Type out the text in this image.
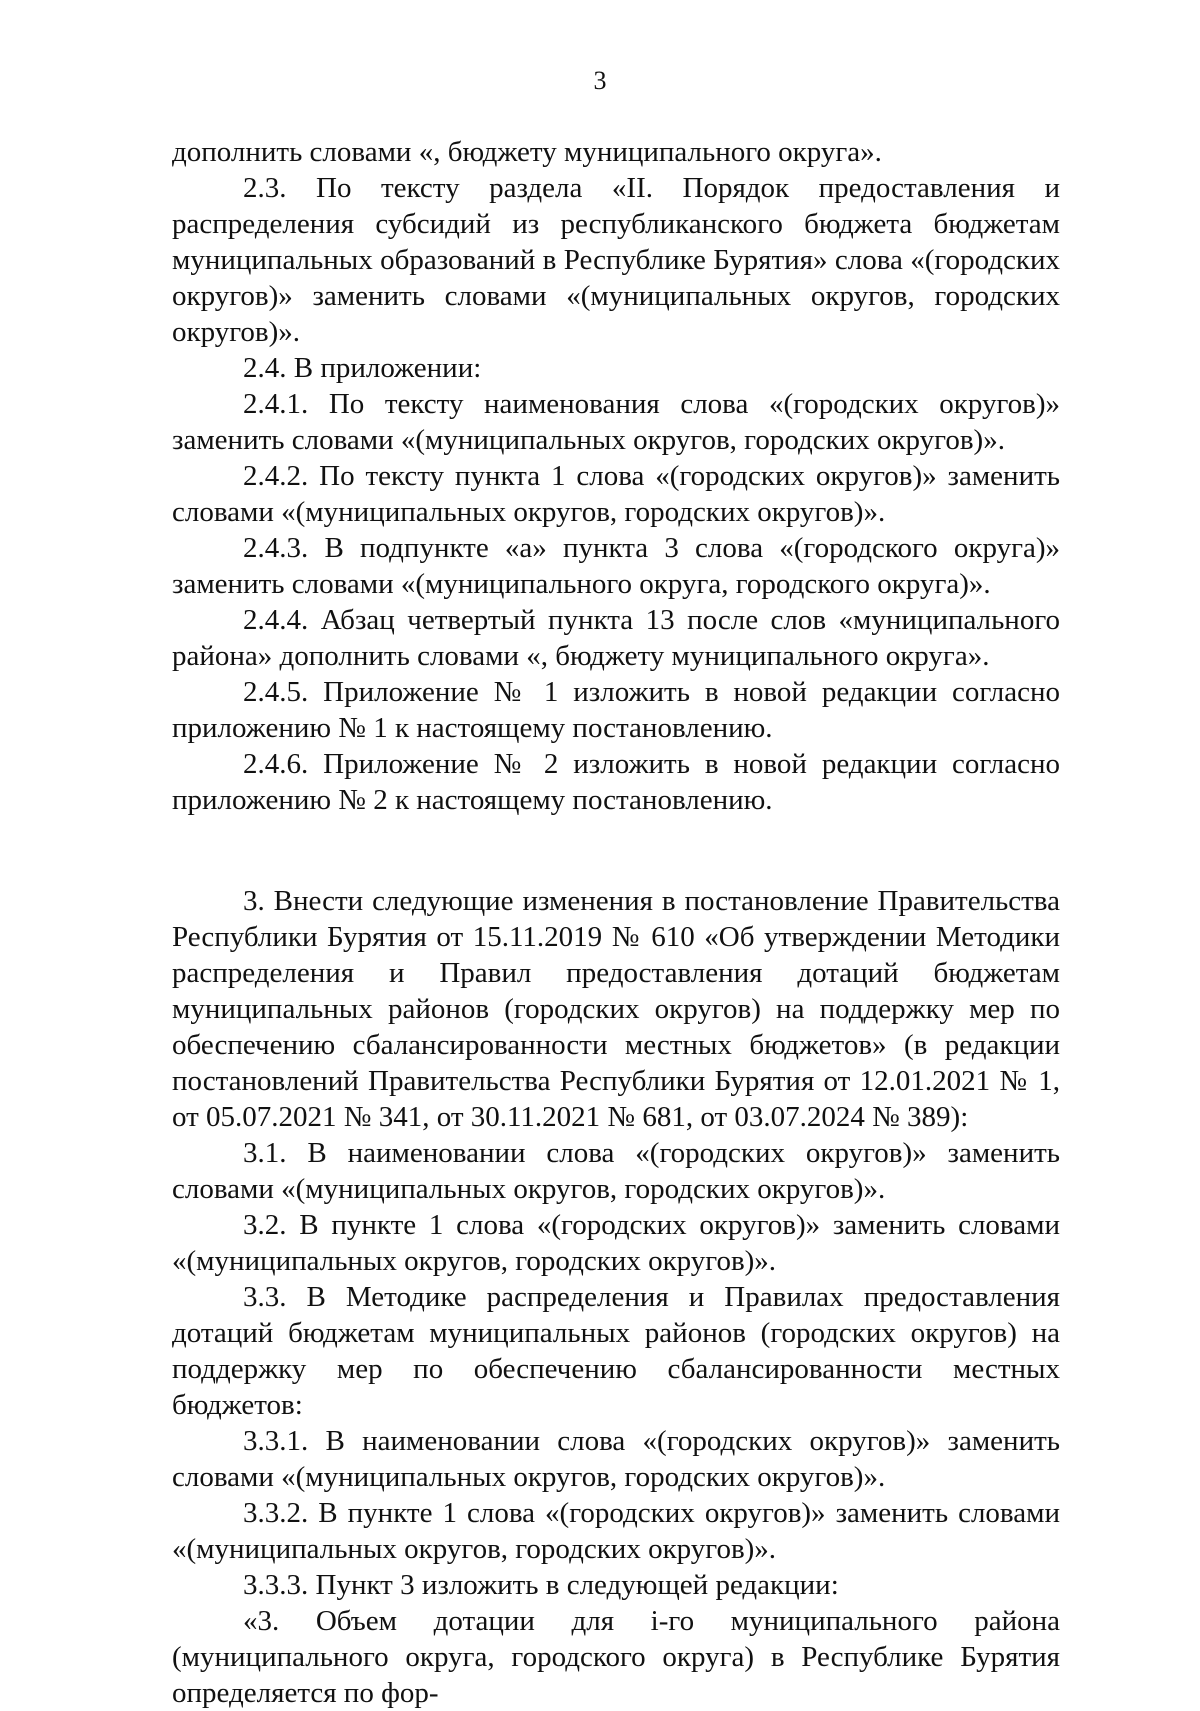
3

дополнить словами «, бюджету муниципального округа».

2.3. По тексту раздела «II. Порядок предоставления и распределения субсидий из республиканского бюджета бюджетам муниципальных образований в Республике Бурятия» слова «(городских округов)» заменить словами «(муниципальных округов, городских округов)».

2.4. В приложении:

2.4.1. По тексту наименования слова «(городских округов)» заменить словами «(муниципальных округов, городских округов)».

2.4.2. По тексту пункта 1 слова «(городских округов)» заменить словами «(муниципальных округов, городских округов)».

2.4.3. В подпункте «а» пункта 3 слова «(городского округа)» заменить словами «(муниципального округа, городского округа)».

2.4.4. Абзац четвертый пункта 13 после слов «муниципального района» дополнить словами «, бюджету муниципального округа».

2.4.5. Приложение № 1 изложить в новой редакции согласно приложению № 1 к настоящему постановлению.

2.4.6. Приложение № 2 изложить в новой редакции согласно приложению № 2 к настоящему постановлению.

3. Внести следующие изменения в постановление Правительства Республики Бурятия от 15.11.2019 № 610 «Об утверждении Методики распределения и Правил предоставления дотаций бюджетам муниципальных районов (городских округов) на поддержку мер по обеспечению сбалансированности местных бюджетов» (в редакции постановлений Правительства Республики Бурятия от 12.01.2021 № 1, от 05.07.2021 № 341, от 30.11.2021 № 681, от 03.07.2024 № 389):

3.1. В наименовании слова «(городских округов)» заменить словами «(муниципальных округов, городских округов)».

3.2. В пункте 1 слова «(городских округов)» заменить словами «(муниципальных округов, городских округов)».

3.3. В Методике распределения и Правилах предоставления дотаций бюджетам муниципальных районов (городских округов) на поддержку мер по обеспечению сбалансированности местных бюджетов:

3.3.1. В наименовании слова «(городских округов)» заменить словами «(муниципальных округов, городских округов)».

3.3.2. В пункте 1 слова «(городских округов)» заменить словами «(муниципальных округов, городских округов)».

3.3.3. Пункт 3 изложить в следующей редакции:

«3. Объем дотации для i-го муниципального района (муниципального округа, городского округа) в Республике Бурятия определяется по фор-
